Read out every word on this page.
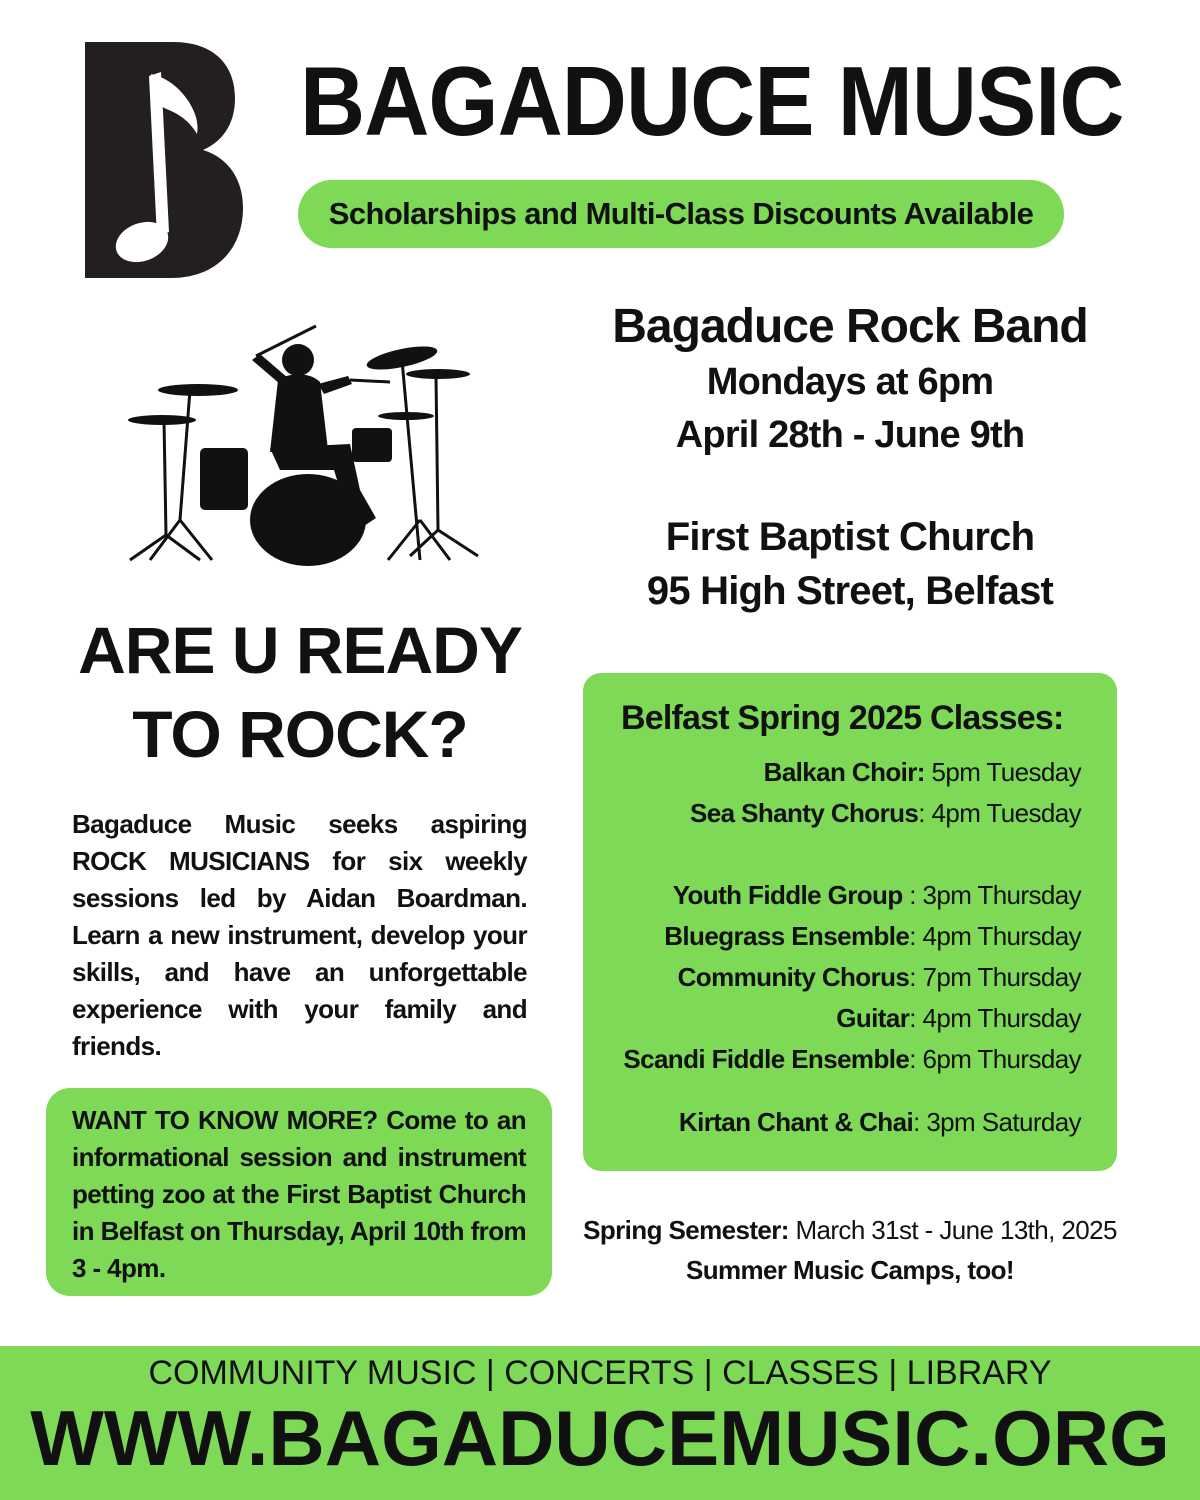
BAGADUCE MUSIC
Scholarships and Multi-Class Discounts Available
ARE U READY
TO ROCK?
Bagaduce Music seeks aspiring ROCK MUSICIANS for six weekly sessions led by Aidan Boardman. Learn a new instrument, develop your skills, and have an unforgettable experience with your family and friends.
WANT TO KNOW MORE? Come to an informational session and instrument petting zoo at the First Baptist Church in Belfast on Thursday, April 10th from 3 - 4pm.
Bagaduce Rock Band
Mondays at 6pm
April 28th - June 9th
First Baptist Church
95 High Street, Belfast
Belfast Spring 2025 Classes:
Balkan Choir: 5pm Tuesday
Sea Shanty Chorus: 4pm Tuesday
Youth Fiddle Group : 3pm Thursday
Bluegrass Ensemble: 4pm Thursday
Community Chorus: 7pm Thursday
Guitar: 4pm Thursday
Scandi Fiddle Ensemble: 6pm Thursday
Kirtan Chant & Chai: 3pm Saturday
Spring Semester: March 31st - June 13th, 2025
Summer Music Camps, too!
COMMUNITY MUSIC | CONCERTS | CLASSES | LIBRARY
WWW.BAGADUCEMUSIC.ORG
